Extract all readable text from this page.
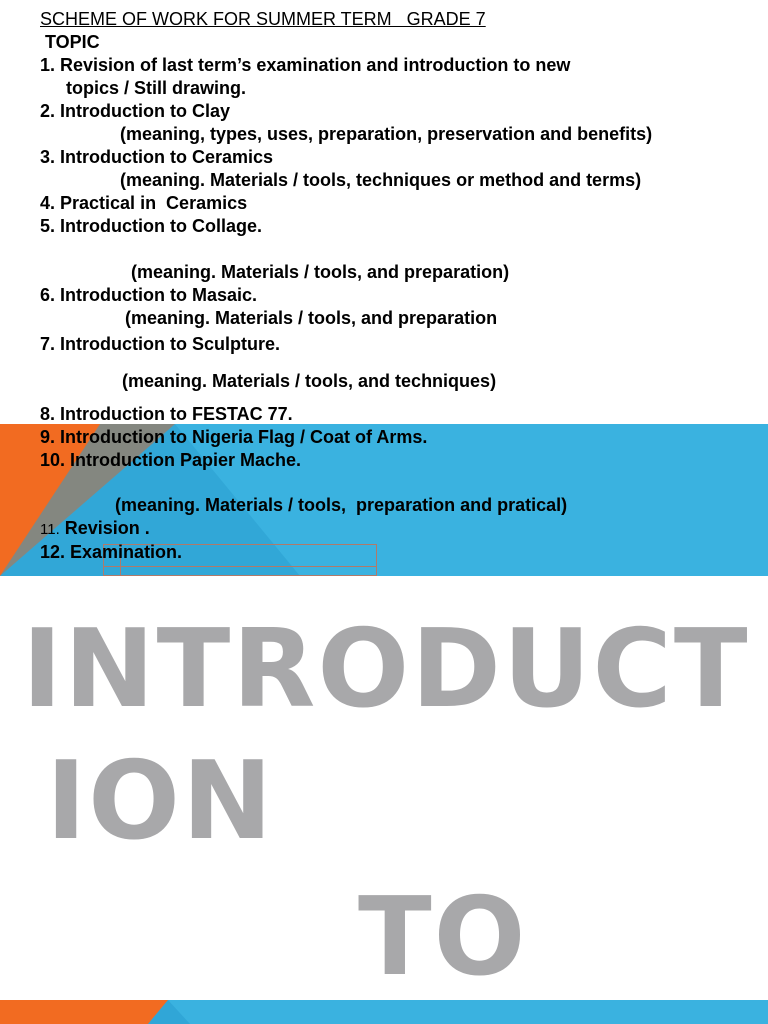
SCHEME OF WORK FOR SUMMER TERM   GRADE 7
TOPIC
1. Revision of last term’s examination and introduction to new
topics / Still drawing.
2. Introduction to Clay
(meaning, types, uses, preparation, preservation and benefits)
3. Introduction to Ceramics
(meaning. Materials / tools, techniques or method and terms)
4. Practical in  Ceramics
5. Introduction to Collage.
(meaning. Materials / tools, and preparation)
6. Introduction to Masaic.
(meaning. Materials / tools, and preparation
7. Introduction to Sculpture.
(meaning. Materials / tools, and techniques)
8. Introduction to FESTAC 77.
9. Introduction to Nigeria Flag / Coat of Arms.
10. Introduction Papier Mache.
(meaning. Materials / tools,  preparation and pratical)
11. Revision .
12. Examination.
INTRODUCT
ION
TO
